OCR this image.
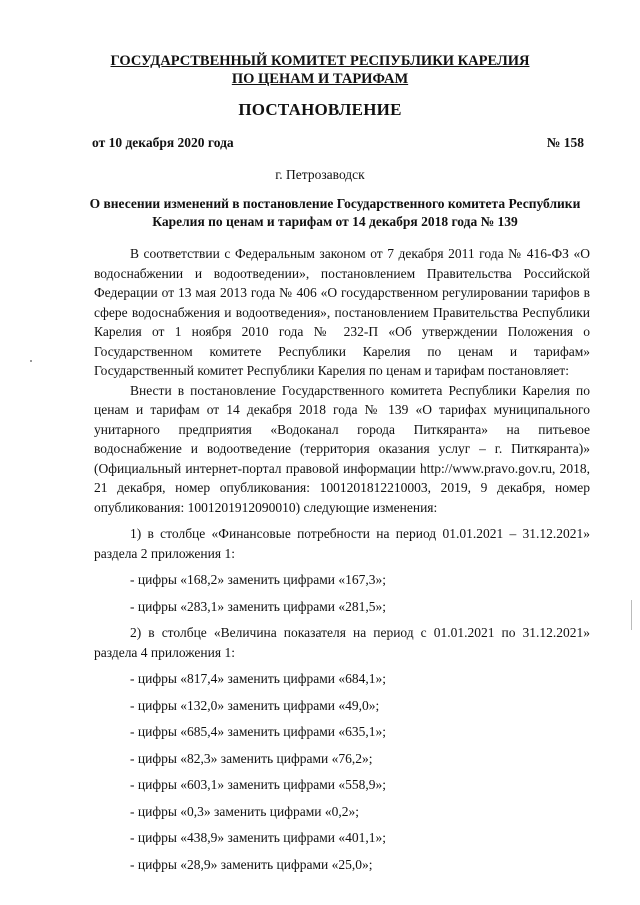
ГОСУДАРСТВЕННЫЙ КОМИТЕТ РЕСПУБЛИКИ КАРЕЛИЯ
ПО ЦЕНАМ И ТАРИФАМ
ПОСТАНОВЛЕНИЕ
от 10 декабря 2020 года	№ 158
г. Петрозаводск
О внесении изменений в постановление Государственного комитета Республики Карелия по ценам и тарифам от 14 декабря 2018 года № 139

В соответствии с Федеральным законом от 7 декабря 2011 года № 416-ФЗ «О водоснабжении и водоотведении», постановлением Правительства Российской Федерации от 13 мая 2013 года № 406 «О государственном регулировании тарифов в сфере водоснабжения и водоотведения», постановлением Правительства Республики Карелия от 1 ноября 2010 года № 232-П «Об утверждении Положения о Государственном комитете Республики Карелия по ценам и тарифам» Государственный комитет Республики Карелия по ценам и тарифам постановляет:

Внести в постановление Государственного комитета Республики Карелия по ценам и тарифам от 14 декабря 2018 года № 139 «О тарифах муниципального унитарного предприятия «Водоканал города Питкяранта» на питьевое водоснабжение и водоотведение (территория оказания услуг – г. Питкяранта)» (Официальный интернет-портал правовой информации http://www.pravo.gov.ru, 2018, 21 декабря, номер опубликования: 1001201812210003, 2019, 9 декабря, номер опубликования: 1001201912090010) следующие изменения:

1) в столбце «Финансовые потребности на период 01.01.2021 – 31.12.2021» раздела 2 приложения 1:

- цифры «168,2» заменить цифрами «167,3»;

- цифры «283,1» заменить цифрами «281,5»;

2) в столбце «Величина показателя на период с 01.01.2021 по 31.12.2021» раздела 4 приложения 1:

- цифры «817,4» заменить цифрами «684,1»;

- цифры «132,0» заменить цифрами «49,0»;

- цифры «685,4» заменить цифрами «635,1»;

- цифры «82,3» заменить цифрами «76,2»;

- цифры «603,1» заменить цифрами «558,9»;

- цифры «0,3» заменить цифрами «0,2»;

- цифры «438,9» заменить цифрами «401,1»;

- цифры «28,9» заменить цифрами «25,0»;
